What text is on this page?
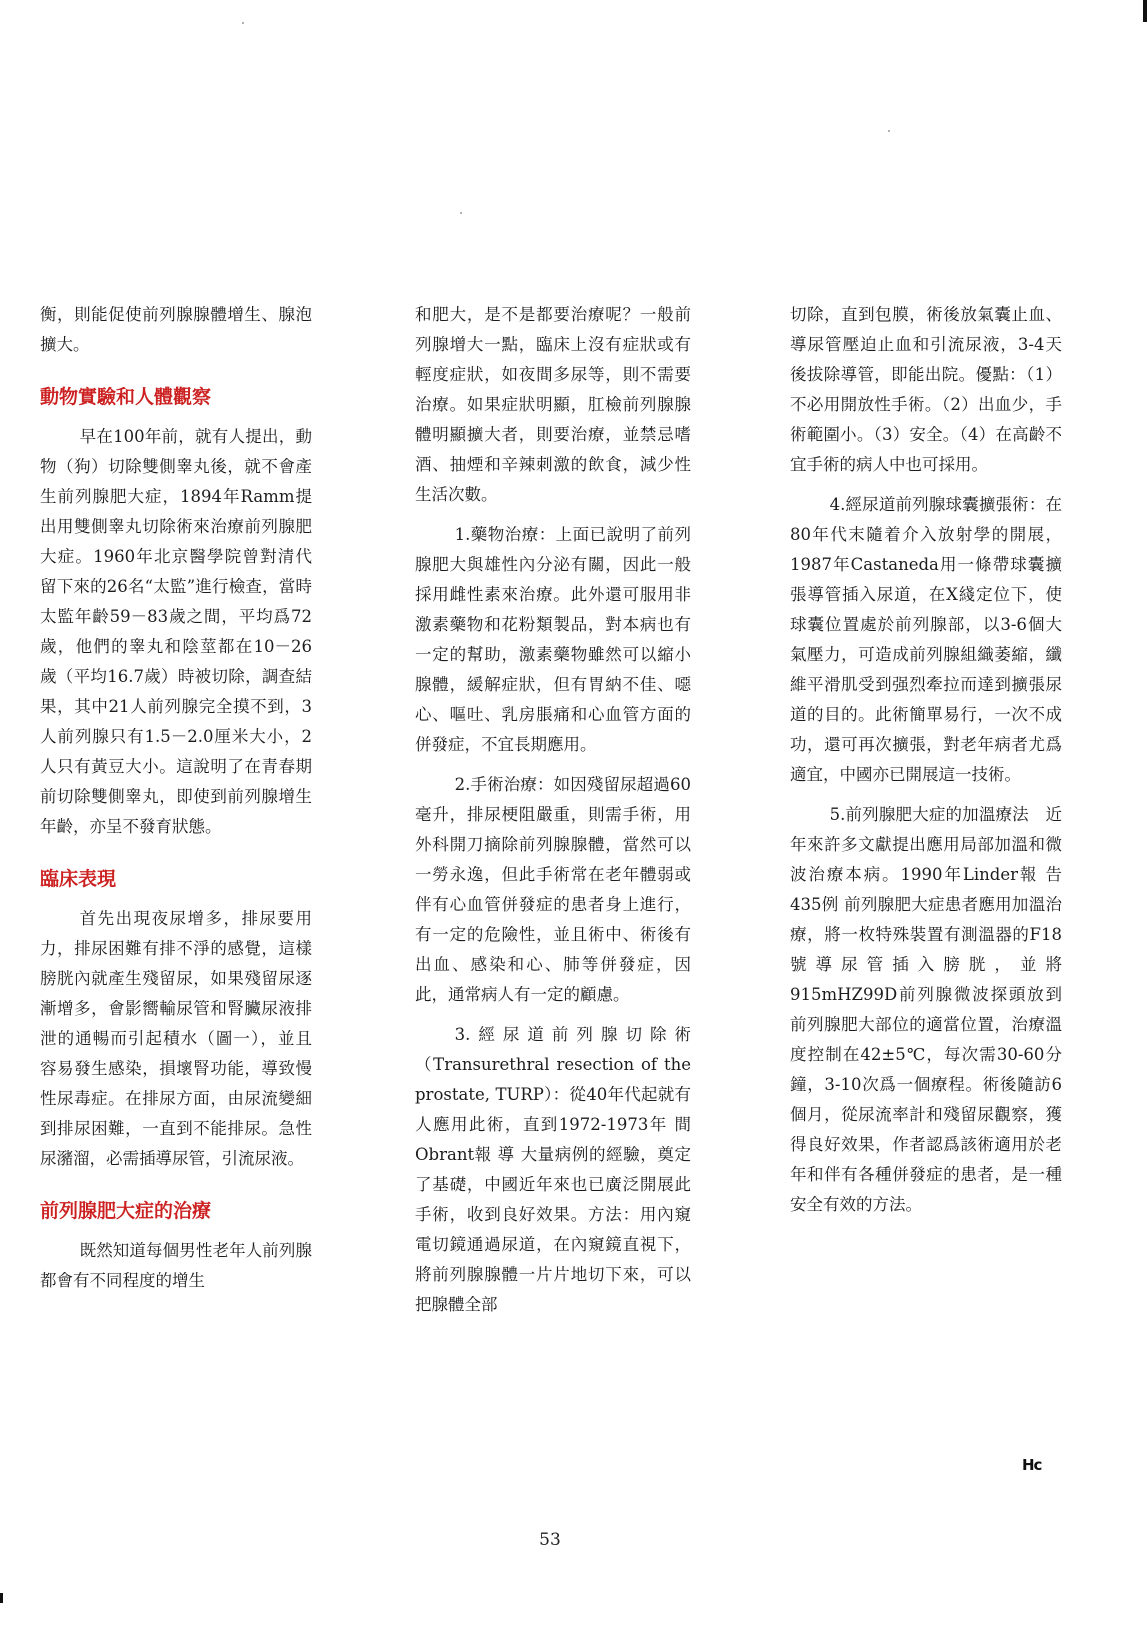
衡，則能促使前列腺腺體增生、腺泡擴大。

動物實驗和人體觀察

早在100年前，就有人提出，動物（狗）切除雙側睾丸後，就不會產生前列腺肥大症，1894年Ramm提出用雙側睾丸切除術來治療前列腺肥大症。1960年北京醫學院曾對清代留下來的26名“太監”進行檢查，當時太監年齡59－83歲之間，平均爲72歲，他們的睾丸和陰莖都在10－26歲（平均16.7歲）時被切除，調查結果，其中21人前列腺完全摸不到，3人前列腺只有1.5－2.0厘米大小，2人只有黃豆大小。這說明了在青春期前切除雙側睾丸，即使到前列腺增生年齡，亦呈不發育狀態。

臨床表現

首先出現夜尿增多，排尿要用力，排尿困難有排不淨的感覺，這樣膀胱內就產生殘留尿，如果殘留尿逐漸增多，會影嚮輸尿管和腎臟尿液排泄的通暢而引起積水（圖一），並且容易發生感染，損壞腎功能，導致慢性尿毒症。在排尿方面，由尿流變細到排尿困難，一直到不能排尿。急性尿瀦溜，必需插導尿管，引流尿液。

前列腺肥大症的治療

既然知道每個男性老年人前列腺都會有不同程度的增生

和肥大，是不是都要治療呢？一般前列腺增大一點，臨床上沒有症狀或有輕度症狀，如夜間多尿等，則不需要治療。如果症狀明顯，肛檢前列腺腺體明顯擴大者，則要治療，並禁忌嗜酒、抽煙和辛辣刺激的飲食，減少性生活次數。

1.藥物治療：上面已說明了前列腺肥大與雄性內分泌有關，因此一般採用雌性素來治療。此外還可服用非激素藥物和花粉類製品，對本病也有一定的幫助，激素藥物雖然可以縮小腺體，緩解症狀，但有胃納不佳、噁心、嘔吐、乳房脹痛和心血管方面的併發症，不宜長期應用。

2.手術治療：如因殘留尿超過60毫升，排尿梗阻嚴重，則需手術，用外科開刀摘除前列腺腺體，當然可以一勞永逸，但此手術常在老年體弱或伴有心血管併發症的患者身上進行，有一定的危險性，並且術中、術後有出血、感染和心、肺等併發症，因此，通常病人有一定的顧慮。

3.經尿道前列腺切除術（Transurethral resection of the prostate, TURP）：從40年代起就有人應用此術，直到1972-1973年 間Obrant報 導 大量病例的經驗，奠定了基礎，中國近年來也已廣泛開展此手術，收到良好效果。方法：用內窺電切鏡通過尿道，在內窺鏡直視下，將前列腺腺體一片片地切下來，可以把腺體全部

切除，直到包膜，術後放氣囊止血、導尿管壓迫止血和引流尿液，3-4天後拔除導管，即能出院。優點：（1）不必用開放性手術。（2）出血少，手術範圍小。（3）安全。（4）在高齡不宜手術的病人中也可採用。

4.經尿道前列腺球囊擴張術：在80年代末隨着介入放射學的開展，1987年Castaneda用一條帶球囊擴張導管插入尿道，在X綫定位下，使球囊位置處於前列腺部，以3-6個大氣壓力，可造成前列腺組織萎縮，纖維平滑肌受到强烈牽拉而達到擴張尿道的目的。此術簡單易行，一次不成功，還可再次擴張，對老年病者尤爲適宜，中國亦已開展這一技術。

5.前列腺肥大症的加溫療法　近年來許多文獻提出應用局部加溫和微波治療本病。1990年Linder報 告435例 前列腺肥大症患者應用加溫治療，將一枚特殊裝置有測溫器的F18號導尿管插入膀胱，並將915mHZ99D前列腺微波探頭放到前列腺肥大部位的適當位置，治療溫度控制在42±5℃，每次需30-60分鐘，3-10次爲一個療程。術後隨訪6個月，從尿流率計和殘留尿觀察，獲得良好效果，作者認爲該術適用於老年和伴有各種併發症的患者，是一種安全有效的方法。

Hc
53
